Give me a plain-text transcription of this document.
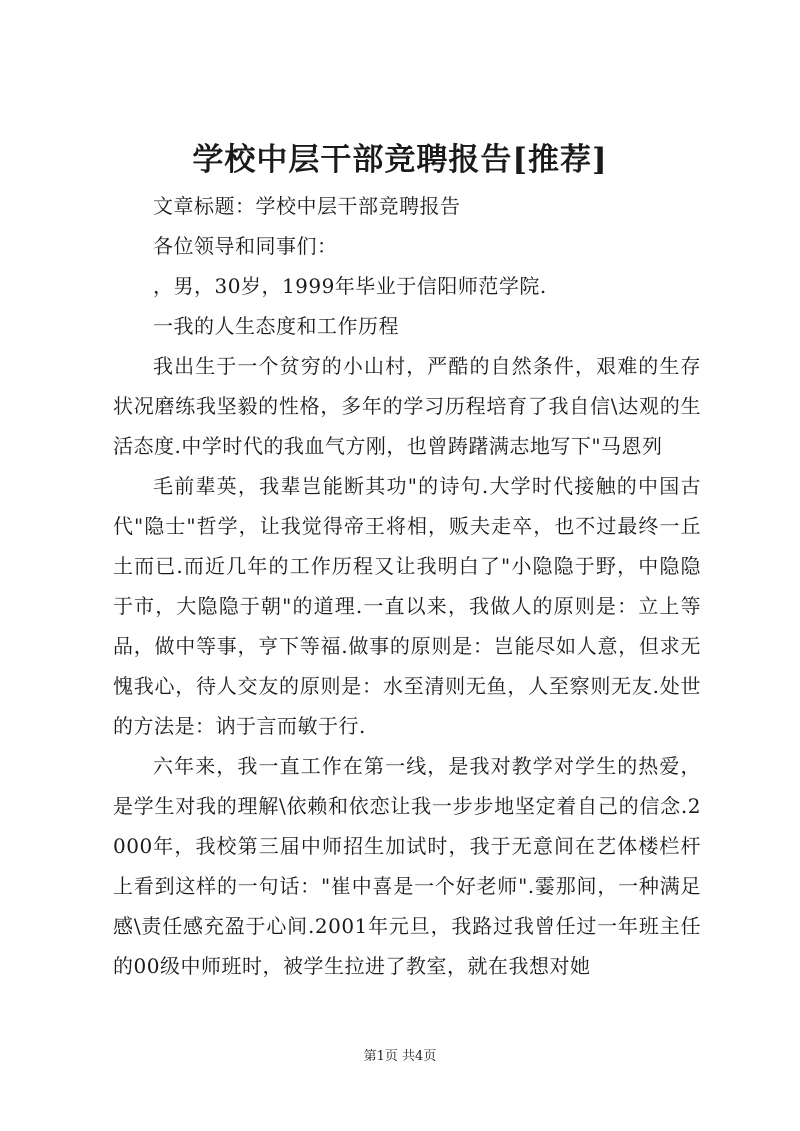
学校中层干部竞聘报告[推荐]

文章标题：学校中层干部竞聘报告

各位领导和同事们：

，男，30岁，1999年毕业于信阳师范学院.

一我的人生态度和工作历程

我出生于一个贫穷的小山村，严酷的自然条件，艰难的生存状况磨练我坚毅的性格，多年的学习历程培育了我自信\达观的生活态度.中学时代的我血气方刚，也曾踌躇满志地写下"马恩列

毛前辈英，我辈岂能断其功"的诗句.大学时代接触的中国古代"隐士"哲学，让我觉得帝王将相，贩夫走卒，也不过最终一丘土而已.而近几年的工作历程又让我明白了"小隐隐于野，中隐隐于市，大隐隐于朝"的道理.一直以来，我做人的原则是：立上等品，做中等事，亨下等福.做事的原则是：岂能尽如人意，但求无愧我心，待人交友的原则是：水至清则无鱼，人至察则无友.处世的方法是：讷于言而敏于行.

六年来，我一直工作在第一线，是我对教学对学生的热爱，是学生对我的理解\依赖和依恋让我一步步地坚定着自己的信念.2000年，我校第三届中师招生加试时，我于无意间在艺体楼栏杆上看到这样的一句话："崔中喜是一个好老师".霎那间，一种满足感\责任感充盈于心间.2001年元旦，我路过我曾任过一年班主任的00级中师班时，被学生拉进了教室，就在我想对她

第1页 共4页
